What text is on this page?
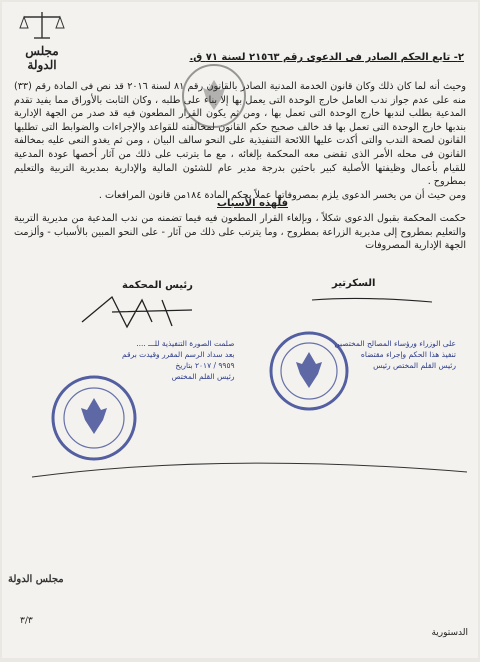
مجلس الدولة
٢- تابع الحكم الصادر فى الدعوى رقم ٢١٥٦٣ لسنة ٧١ ق.

وحيث أنه لما كان ذلك وكان قانون الخدمة المدنية الصادر بالقانون رقم ٨١ لسنة ٢٠١٦ قد نص فى المادة رقم (٣٣) منه على عدم جواز ندب العامل خارج الوحدة التى يعمل بها إلا بناء على طلبه ، وكان الثابت بالأوراق مما يفيد تقدم المدعية بطلب لندبها خارج الوحدة التى تعمل بها ، ومن ثم يكون القرار المطعون فيه قد صدر من الجهة الإدارية بندبها خارج الوحدة التى تعمل بها قد خالف صحيح حكم القانون لمخالفته للقواعد والإجراءات والضوابط التى تطلبها القانون لصحة الندب والتى أكدت عليها اللائحة التنفيذية على النحو سالف البيان ، ومن ثم يغدو النعى عليه بمخالفة القانون فى محله الأمر الذى تقضى معه المحكمة بإلغائه ، مع ما يترتب على ذلك من آثار أخصها عودة المدعية للقيام بأعمال وظيفتها الأصلية كبير باحثين بدرجة مدير عام للشئون المالية والإدارية بمديرية التربية والتعليم بمطروح .

ومن حيث أن من يخسر الدعوى يلزم بمصروفاتها عملاً بحكم المادة ١٨٤من قانون المرافعات .

فلهذه الأسباب
حكمت المحكمة بقبول الدعوى شكلاً ، وبإلغاء القرار المطعون فيه فيما تضمنه من ندب المدعية من مديرية التربية والتعليم بمطروح إلى مديرية الزراعة بمطروح ، وما يترتب على ذلك من آثار - على النحو المبين بالأسباب - وألزمت الجهة الإدارية المصروفات
السكرتير
رئيس المحكمة
على الوزراء ورؤساء المصالح المختصين
تنفيذ هذا الحكم وإجراء مقتضاه
رئيس القلم المختص رئيس
صلمت الصورة التنفيذية للـــ ....
بعد سداد الرسم المقرر وقيدت برقم
٩٩٥٩ / ٢٠١٧ بتاريخ
رئيس القلم المختص
مجلس الدولة
٣/٣
الدستورية
